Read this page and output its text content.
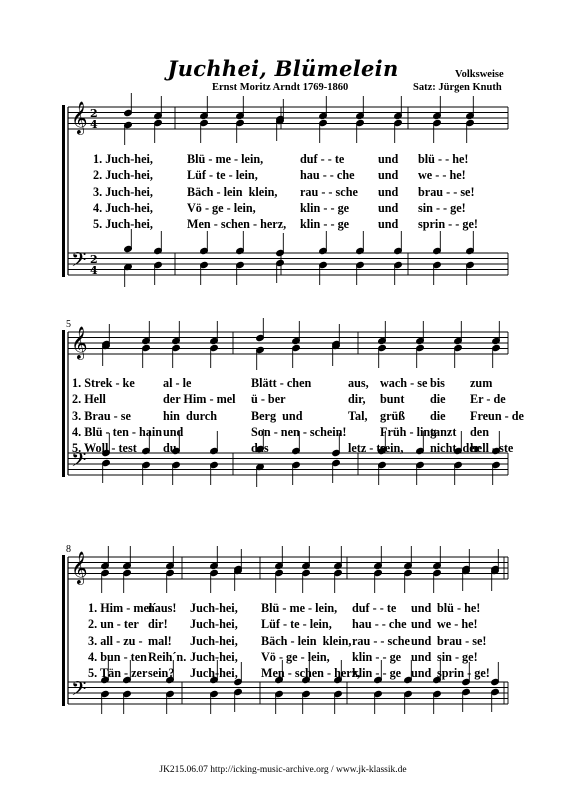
Juchhei, Blümelein
Ernst Moritz Arndt 1769-1860
Volksweise
Satz: Jürgen Knuth
𝄞
𝄢
2
4
2
4
𝄞
𝄢
5
𝄞
𝄢
8
1. Juch-hei,	Blü - me - lein,	duf - - te	und blü - - he!
2. Juch-hei,	Lüf - te - lein,	hau - - che und we - - he!
3. Juch-hei,	Bäch - lein  klein, rau - - sche und brau - - se!
4. Juch-hei,	Vö - ge - lein,	klin - - ge und sin - - ge!
5. Juch-hei,	Men - schen - herz, klin - - ge und sprin - - ge!
1. Strek - ke al - le	Blätt - chen	aus, wach - se bis zum
2. Hell	der Him - mel ü - ber	dir, bunt die Er - de
3. Brau - se	hin  durch	Berg  und	Tal, grüß die Freun - de
4. Blü - ten - hain und	Son - nen - schein!	Früh - ling
tanzt den
5. Woll - test du	das	letz - te
sein, nicht  der
hell - ste
1. Him - mel´
naus! Juch-hei, Blü - me - lein, duf - - te und blü - he!
2. un - ter dir! Juch-hei, Lüf - te - lein, hau - - che und we - he!
3. all - zu - mal! Juch-hei, Bäch - lein  klein, rau - - sche und brau - se!
4. bun - ten Reih´n. Juch-hei, Vö - ge - lein, klin - - ge und sin - ge!
5. Tän - zer sein? Juch-hei, Men - schen - herz,
klin - - ge und sprin - ge!
JK215.06.07 http://icking-music-archive.org / www.jk-klassik.de
